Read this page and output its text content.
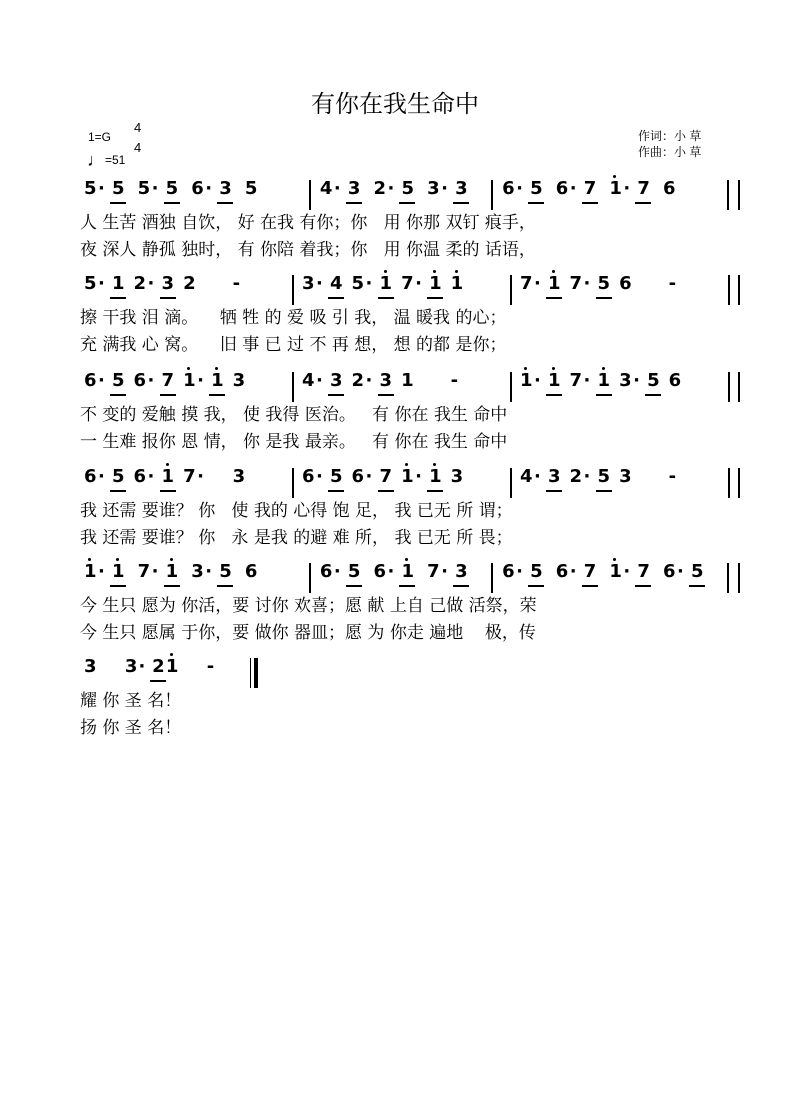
有你在我生命中
1=G
4
4
♩=51
作词：小 草
作曲：小 草
5 · 5 5 · 5 6 · 3 5	4 · 3 2 · 5 3 · 3 6 · 5 6 · 7 1 · 7 6
人 生苦 酒独 自饮， 好 在我 有你；你   用 你那 双钉 痕手，
夜 深人 静孤 独时， 有 你陪 着我；你   用 你温 柔的 话语，
5 · 1 2 · 3 2 -	3 · 4 5 · 1 7 · 1 1	7 · 1 7 · 5 6 -
擦 干我 泪 滴。    牺 牲 的 爱 吸 引 我， 温 暖我 的心；
充 满我 心 窝。    旧 事 已 过 不 再 想， 想 的都 是你；
6 · 5 6 · 7 1 · 1 3	4 · 3 2 · 3 1 -	1 · 1 7 · 1 3 · 5 6
不 变的 爱触 摸 我， 使 我得 医治。   有 你在 我生 命中
一 生难 报你 恩 情， 你 是我 最亲。   有 你在 我生 命中
6 · 5 6 · 1 7 · 3	6 · 5 6 · 7 1 · 1 3	4 · 3 2 · 5 3 -
我 还需 要谁？ 你   使 我的 心得 饱 足， 我 已无 所 谓；
我 还需 要谁？ 你   永 是我 的避 难 所， 我 已无 所 畏；
1 · 1 7 · 1 3 · 5 6	6 · 5 6 · 1 7 · 3 6 · 5 6 · 7 1 · 7 6 · 5
今 生只 愿为 你活，要 讨你 欢喜；愿 献 上自 己做 活祭，荣
今 生只 愿属 于你，要 做你 器皿；愿 为 你走 遍地    极，传
3 3 · 2 1 -
耀 你 圣 名！
扬 你 圣 名！
